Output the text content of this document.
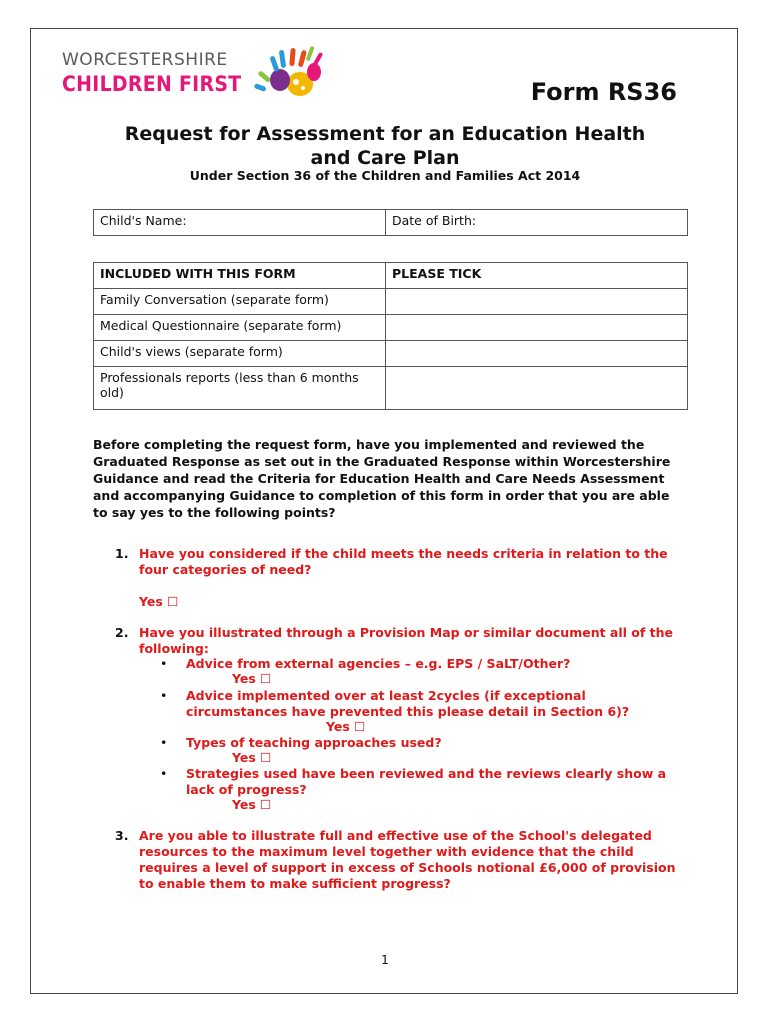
WORCESTERSHIRE
CHILDREN FIRST	Form RS36
Request for Assessment for an Education Health
and Care Plan
Under Section 36 of the Children and Families Act 2014
Child's Name:	Date of Birth:
INCLUDED WITH THIS FORM	PLEASE TICK
Family Conversation (separate form)	
Medical Questionnaire (separate form)	
Child's views (separate form)	
Professionals reports (less than 6 months old)	
Before completing the request form, have you implemented and reviewed the Graduated Response as set out in the Graduated Response within Worcestershire Guidance and read the Criteria for Education Health and Care Needs Assessment and accompanying Guidance to completion of this form in order that you are able to say yes to the following points?
1. Have you considered if the child meets the needs criteria in relation to the four categories of need?
Yes ☐
2. Have you illustrated through a Provision Map or similar document all of the following:
• Advice from external agencies – e.g. EPS / SaLT/Other?
Yes ☐
• Advice implemented over at least 2cycles (if exceptional circumstances have prevented this please detail in Section 6)?
Yes ☐
• Types of teaching approaches used?
Yes ☐
• Strategies used have been reviewed and the reviews clearly show a lack of progress?
Yes ☐
3. Are you able to illustrate full and effective use of the School's delegated resources to the maximum level together with evidence that the child requires a level of support in excess of Schools notional £6,000 of provision to enable them to make sufficient progress?
1
